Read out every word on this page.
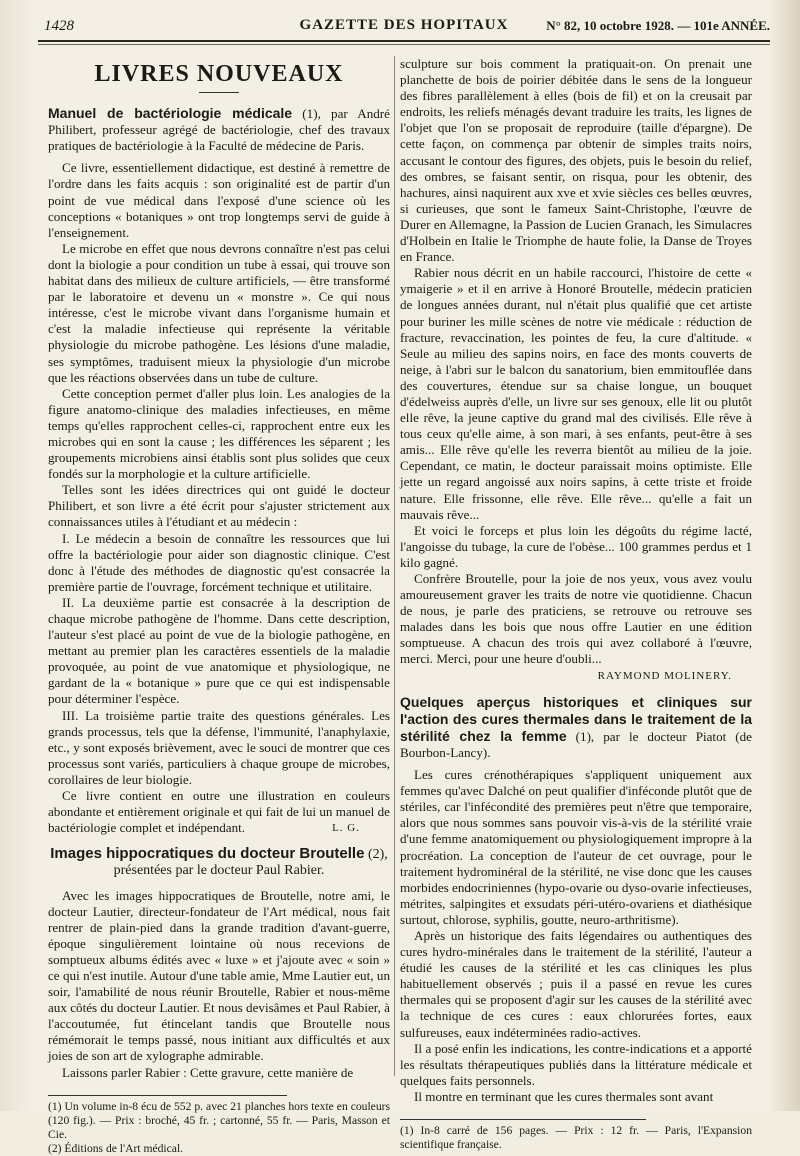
1428	GAZETTE DES HOPITAUX	N° 82, 10 octobre 1928. — 101e ANNÉE.
LIVRES NOUVEAUX

Manuel de bactériologie médicale (1), par André Philibert, professeur agrégé de bactériologie, chef des travaux pratiques de bactériologie à la Faculté de médecine de Paris.

Ce livre, essentiellement didactique, est destiné à remettre de l'ordre dans les faits acquis : son originalité est de partir d'un point de vue médical dans l'exposé d'une science où les conceptions « botaniques » ont trop longtemps servi de guide à l'enseignement.

Le microbe en effet que nous devrons connaître n'est pas celui dont la biologie a pour condition un tube à essai, qui trouve son habitat dans des milieux de culture artificiels, — être transformé par le laboratoire et devenu un « monstre ». Ce qui nous intéresse, c'est le microbe vivant dans l'organisme humain et c'est la maladie infectieuse qui représente la véritable physiologie du microbe pathogène. Les lésions d'une maladie, ses symptômes, traduisent mieux la physiologie d'un microbe que les réactions observées dans un tube de culture.

Cette conception permet d'aller plus loin. Les analogies de la figure anatomo-clinique des maladies infectieuses, en même temps qu'elles rapprochent celles-ci, rapprochent entre eux les microbes qui en sont la cause ; les différences les séparent ; les groupements microbiens ainsi établis sont plus solides que ceux fondés sur la morphologie et la culture artificielle.

Telles sont les idées directrices qui ont guidé le docteur Philibert, et son livre a été écrit pour s'ajuster strictement aux connaissances utiles à l'étudiant et au médecin :

I. Le médecin a besoin de connaître les ressources que lui offre la bactériologie pour aider son diagnostic clinique. C'est donc à l'étude des méthodes de diagnostic qu'est consacrée la première partie de l'ouvrage, forcément technique et utilitaire.

II. La deuxième partie est consacrée à la description de chaque microbe pathogène de l'homme. Dans cette description, l'auteur s'est placé au point de vue de la biologie pathogène, en mettant au premier plan les caractères essentiels de la maladie provoquée, au point de vue anatomique et physiologique, ne gardant de la « botanique » pure que ce qui est indispensable pour déterminer l'espèce.

III. La troisième partie traite des questions générales. Les grands processus, tels que la défense, l'immunité, l'anaphylaxie, etc., y sont exposés brièvement, avec le souci de montrer que ces processus sont variés, particuliers à chaque groupe de microbes, corollaires de leur biologie.

Ce livre contient en outre une illustration en couleurs abondante et entièrement originale et qui fait de lui un manuel de bactériologie complet et indépendant.	L. G.

Images hippocratiques du docteur Broutelle (2),
présentées par le docteur Paul Rabier.

Avec les images hippocratiques de Broutelle, notre ami, le docteur Lautier, directeur-fondateur de l'Art médical, nous fait rentrer de plain-pied dans la grande tradition d'avant-guerre, époque singulièrement lointaine où nous recevions de somptueux albums édités avec « luxe » et j'ajoute avec « soin » ce qui n'est inutile. Autour d'une table amie, Mme Lautier eut, un soir, l'amabilité de nous réunir Broutelle, Rabier et nous-même aux côtés du docteur Lautier. Et nous devisâmes et Paul Rabier, à l'accoutumée, fut étincelant tandis que Broutelle nous rémémorait le temps passé, nous initiant aux difficultés et aux joies de son art de xylographe admirable.

Laissons parler Rabier : Cette gravure, cette manière de

(1) Un volume in-8 écu de 552 p. avec 21 planches hors texte en couleurs (120 fig.). — Prix : broché, 45 fr. ; cartonné, 55 fr. — Paris, Masson et Cie.

(2) Éditions de l'Art médical.

sculpture sur bois comment la pratiquait-on. On prenait une planchette de bois de poirier débitée dans le sens de la longueur des fibres parallèlement à elles (bois de fil) et on la creusait par endroits, les reliefs ménagés devant traduire les traits, les lignes de l'objet que l'on se proposait de reproduire (taille d'épargne). De cette façon, on commença par obtenir de simples traits noirs, accusant le contour des figures, des objets, puis le besoin du relief, des ombres, se faisant sentir, on risqua, pour les obtenir, des hachures, ainsi naquirent aux xve et xvie siècles ces belles œuvres, si curieuses, que sont le fameux Saint-Christophe, l'œuvre de Durer en Allemagne, la Passion de Lucien Granach, les Simulacres d'Holbein en Italie le Triomphe de haute folie, la Danse de Troyes en France.

Rabier nous décrit en un habile raccourci, l'histoire de cette « ymaigerie » et il en arrive à Honoré Broutelle, médecin praticien de longues années durant, nul n'était plus qualifié que cet artiste pour buriner les mille scènes de notre vie médicale : réduction de fracture, revaccination, les pointes de feu, la cure d'altitude. « Seule au milieu des sapins noirs, en face des monts couverts de neige, à l'abri sur le balcon du sanatorium, bien emmitouflée dans des couvertures, étendue sur sa chaise longue, un bouquet d'édelweiss auprès d'elle, un livre sur ses genoux, elle lit ou plutôt elle rêve, la jeune captive du grand mal des civilisés. Elle rêve à tous ceux qu'elle aime, à son mari, à ses enfants, peut-être à ses amis... Elle rêve qu'elle les reverra bientôt au milieu de la joie. Cependant, ce matin, le docteur paraissait moins optimiste. Elle jette un regard angoissé aux noirs sapins, à cette triste et froide nature. Elle frissonne, elle rêve. Elle rêve... qu'elle a fait un mauvais rêve...

Et voici le forceps et plus loin les dégoûts du régime lacté, l'angoisse du tubage, la cure de l'obèse... 100 grammes perdus et 1 kilo gagné.

Confrère Broutelle, pour la joie de nos yeux, vous avez voulu amoureusement graver les traits de notre vie quotidienne. Chacun de nous, je parle des praticiens, se retrouve ou retrouve ses malades dans les bois que nous offre Lautier en une édition somptueuse. A chacun des trois qui avez collaboré à l'œuvre, merci. Merci, pour une heure d'oubli...

RAYMOND MOLINERY.

Quelques aperçus historiques et cliniques sur l'action des cures thermales dans le traitement de la stérilité chez la femme (1), par le docteur Piatot (de Bourbon-Lancy).

Les cures crénothérapiques s'appliquent uniquement aux femmes qu'avec Dalché on peut qualifier d'inféconde plutôt que de stériles, car l'infécondité des premières peut n'être que temporaire, alors que nous sommes sans pouvoir vis-à-vis de la stérilité vraie d'une femme anatomiquement ou physiologiquement impropre à la procréation. La conception de l'auteur de cet ouvrage, pour le traitement hydrominéral de la stérilité, ne vise donc que les causes morbides endocriniennes (hypo-ovarie ou dyso-ovarie infectieuses, métrites, salpingites et exsudats péri-utéro-ovariens et diathésique surtout, chlorose, syphilis, goutte, neuro-arthritisme).

Après un historique des faits légendaires ou authentiques des cures hydro-minérales dans le traitement de la stérilité, l'auteur a étudié les causes de la stérilité et les cas cliniques les plus habituellement observés ; puis il a passé en revue les cures thermales qui se proposent d'agir sur les causes de la stérilité avec la technique de ces cures : eaux chlorurées fortes, eaux sulfureuses, eaux indéterminées radio-actives.

Il a posé enfin les indications, les contre-indications et a apporté les résultats thérapeutiques publiés dans la littérature médicale et quelques faits personnels.

Il montre en terminant que les cures thermales sont avant

(1) In-8 carré de 156 pages. — Prix : 12 fr. — Paris, l'Expansion scientifique française.
